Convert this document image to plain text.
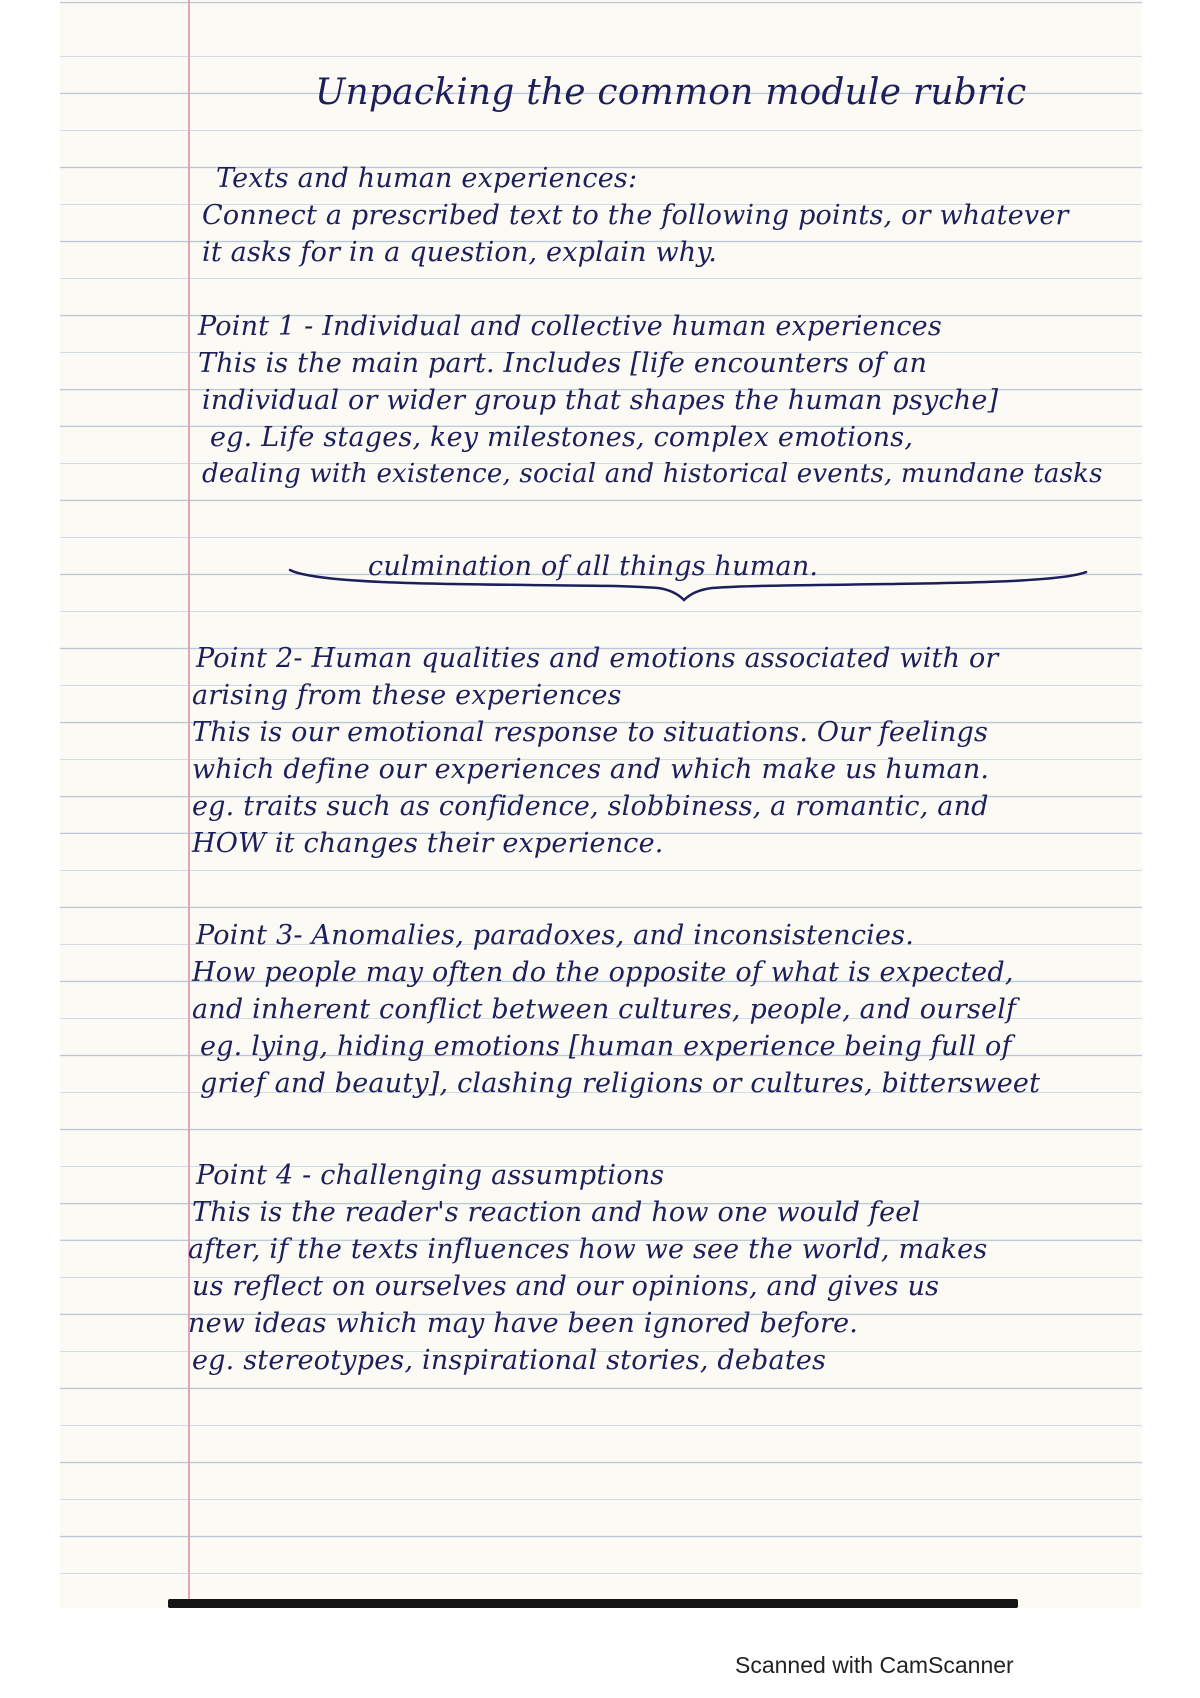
Unpacking the common module rubric
Texts and human experiences:
Connect a prescribed text to the following points, or whatever
it asks for in a question, explain why.
Point 1 - Individual and collective human experiences
This is the main part. Includes [life encounters of an
individual or wider group that shapes the human psyche]
eg. Life stages, key milestones, complex emotions,
dealing with existence, social and historical events, mundane tasks
culmination of all things human.
Point 2- Human qualities and emotions associated with or
arising from these experiences
This is our emotional response to situations. Our feelings
which define our experiences and which make us human.
eg. traits such as confidence, slobbiness, a romantic, and
HOW it changes their experience.
Point 3- Anomalies, paradoxes, and inconsistencies.
How people may often do the opposite of what is expected,
and inherent conflict between cultures, people, and ourself
eg. lying, hiding emotions [human experience being full of
grief and beauty], clashing religions or cultures, bittersweet
Point 4 - challenging assumptions
This is the reader's reaction and how one would feel
after, if the texts influences how we see the world, makes
us reflect on ourselves and our opinions, and gives us
new ideas which may have been ignored before.
eg. stereotypes, inspirational stories, debates
Scanned with CamScanner
